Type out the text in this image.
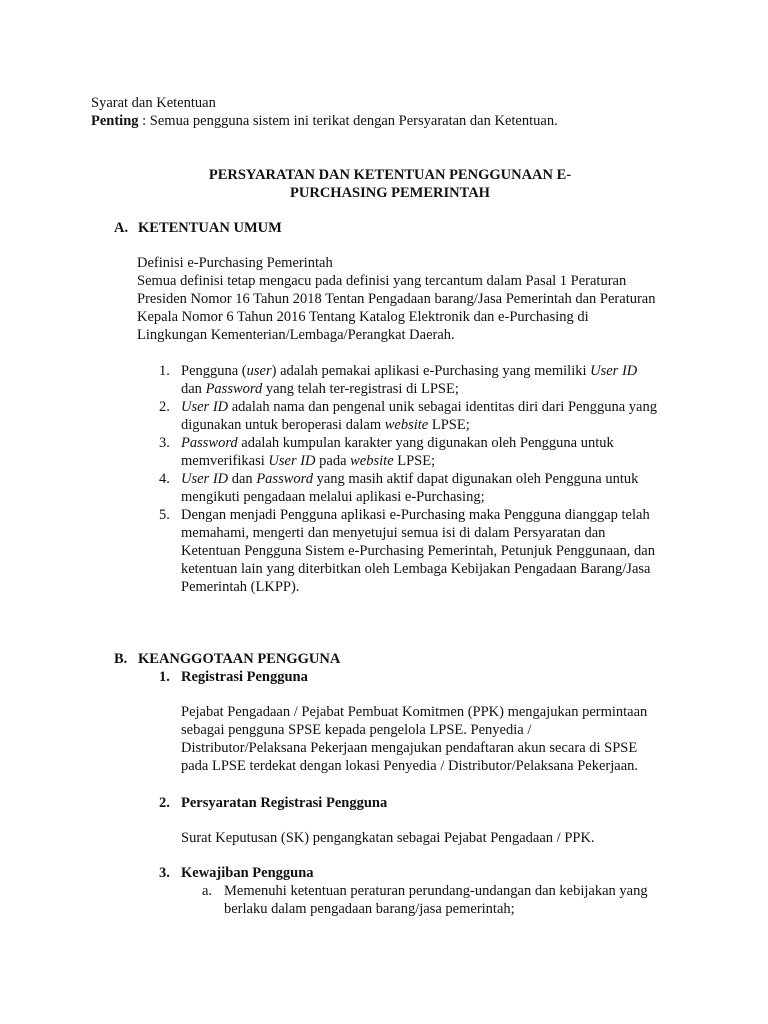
Syarat dan Ketentuan
Penting : Semua pengguna sistem ini terikat dengan Persyaratan dan Ketentuan.
PERSYARATAN DAN KETENTUAN PENGGUNAAN E-
PURCHASING PEMERINTAH
A. KETENTUAN UMUM
Definisi e-Purchasing Pemerintah
Semua definisi tetap mengacu pada definisi yang tercantum dalam Pasal 1 Peraturan
Presiden Nomor 16 Tahun 2018 Tentan Pengadaan barang/Jasa Pemerintah dan Peraturan
Kepala Nomor 6 Tahun 2016 Tentang Katalog Elektronik dan e-Purchasing di
Lingkungan Kementerian/Lembaga/Perangkat Daerah.
1. Pengguna (user) adalah pemakai aplikasi e-Purchasing yang memiliki User ID
dan Password yang telah ter-registrasi di LPSE;
2. User ID adalah nama dan pengenal unik sebagai identitas diri dari Pengguna yang
digunakan untuk beroperasi dalam website LPSE;
3. Password adalah kumpulan karakter yang digunakan oleh Pengguna untuk
memverifikasi User ID pada website LPSE;
4. User ID dan Password yang masih aktif dapat digunakan oleh Pengguna untuk
mengikuti pengadaan melalui aplikasi e-Purchasing;
5. Dengan menjadi Pengguna aplikasi e-Purchasing maka Pengguna dianggap telah
memahami, mengerti dan menyetujui semua isi di dalam Persyaratan dan
Ketentuan Pengguna Sistem e-Purchasing Pemerintah, Petunjuk Penggunaan, dan
ketentuan lain yang diterbitkan oleh Lembaga Kebijakan Pengadaan Barang/Jasa
Pemerintah (LKPP).
B. KEANGGOTAAN PENGGUNA
1. Registrasi Pengguna
Pejabat Pengadaan / Pejabat Pembuat Komitmen (PPK) mengajukan permintaan
sebagai pengguna SPSE kepada pengelola LPSE. Penyedia /
Distributor/Pelaksana Pekerjaan mengajukan pendaftaran akun secara di SPSE
pada LPSE terdekat dengan lokasi Penyedia / Distributor/Pelaksana Pekerjaan.
2. Persyaratan Registrasi Pengguna
Surat Keputusan (SK) pengangkatan sebagai Pejabat Pengadaan / PPK.
3. Kewajiban Pengguna
a. Memenuhi ketentuan peraturan perundang-undangan dan kebijakan yang
berlaku dalam pengadaan barang/jasa pemerintah;
